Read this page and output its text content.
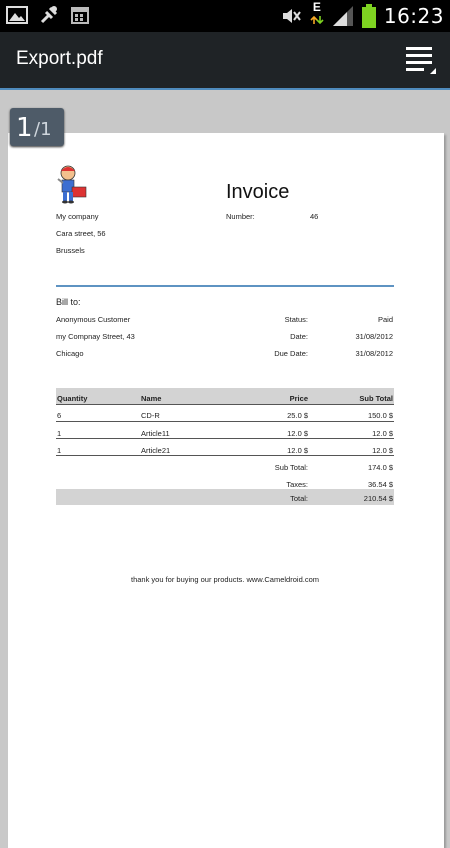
E	16:23
Export.pdf
1 /1
Invoice
My company
Cara street, 56
Brussels
Number:	46
Bill to:
Anonymous Customer
my Compnay Street, 43
Chicago
Status:	Paid
Date:	31/08/2012
Due Date:	31/08/2012
Quantity	Name	Price	Sub Total
6	CD-R	25.0 $	150.0 $
1	Article11	12.0 $	12.0 $
1	Article21	12.0 $	12.0 $
Sub Total:	174.0 $
Taxes:	36.54 $
Total:	210.54 $
thank you for buying our products. www.Cameldroid.com
